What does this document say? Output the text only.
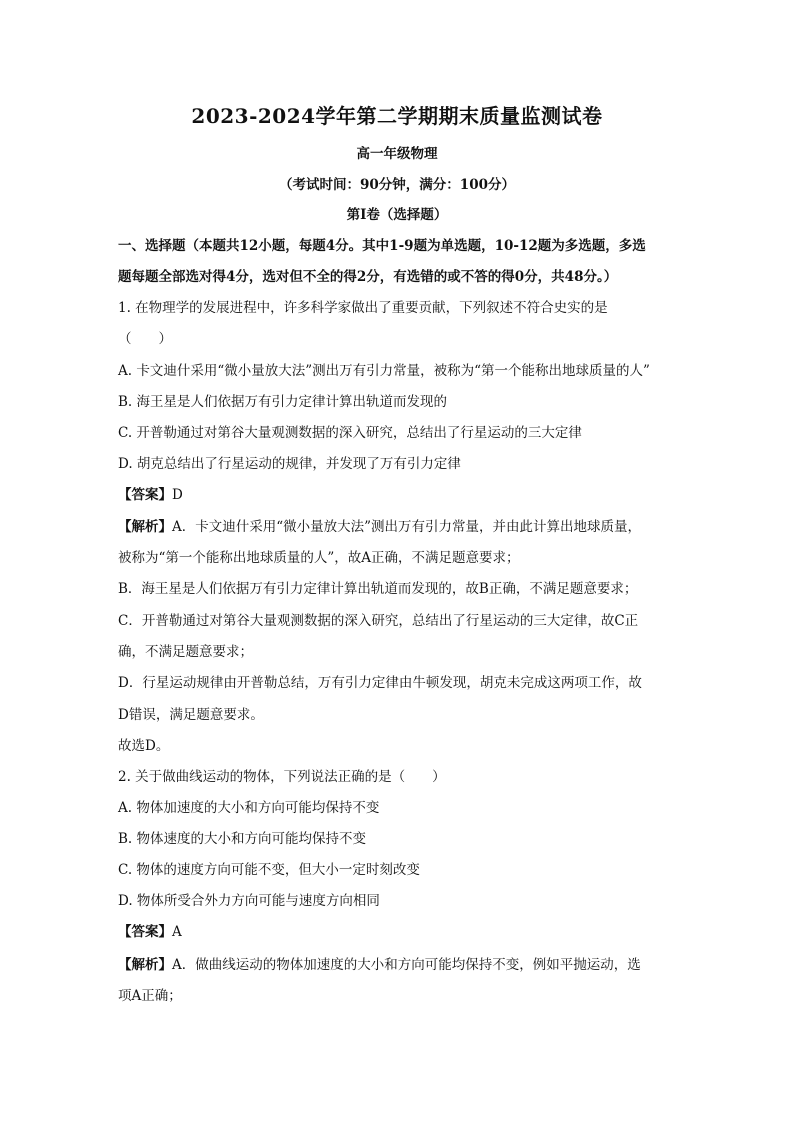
2023-2024学年第二学期期末质量监测试卷
高一年级物理
（考试时间：90分钟，满分：100分）
第Ⅰ卷（选择题）
一、选择题（本题共12小题，每题4分。其中1-9题为单选题，10-12题为多选题，多选
题每题全部选对得4分，选对但不全的得2分，有选错的或不答的得0分，共48分。）
1. 在物理学的发展进程中，许多科学家做出了重要贡献，下列叙述不符合史实的是
（　　）
A. 卡文迪什采用“微小量放大法”测出万有引力常量，被称为“第一个能称出地球质量的人”
B. 海王星是人们依据万有引力定律计算出轨道而发现的
C. 开普勒通过对第谷大量观测数据的深入研究，总结出了行星运动的三大定律
D. 胡克总结出了行星运动的规律，并发现了万有引力定律
【答案】D
【解析】A．卡文迪什采用“微小量放大法”测出万有引力常量，并由此计算出地球质量，
被称为“第一个能称出地球质量的人”，故A正确，不满足题意要求；
B．海王星是人们依据万有引力定律计算出轨道而发现的，故B正确，不满足题意要求；
C．开普勒通过对第谷大量观测数据的深入研究，总结出了行星运动的三大定律，故C正
确，不满足题意要求；
D．行星运动规律由开普勒总结，万有引力定律由牛顿发现，胡克未完成这两项工作，故
D错误，满足题意要求。
故选D。
2. 关于做曲线运动的物体，下列说法正确的是（　　）
A. 物体加速度的大小和方向可能均保持不变
B. 物体速度的大小和方向可能均保持不变
C. 物体的速度方向可能不变，但大小一定时刻改变
D. 物体所受合外力方向可能与速度方向相同
【答案】A
【解析】A．做曲线运动的物体加速度的大小和方向可能均保持不变，例如平抛运动，选
项A正确；
